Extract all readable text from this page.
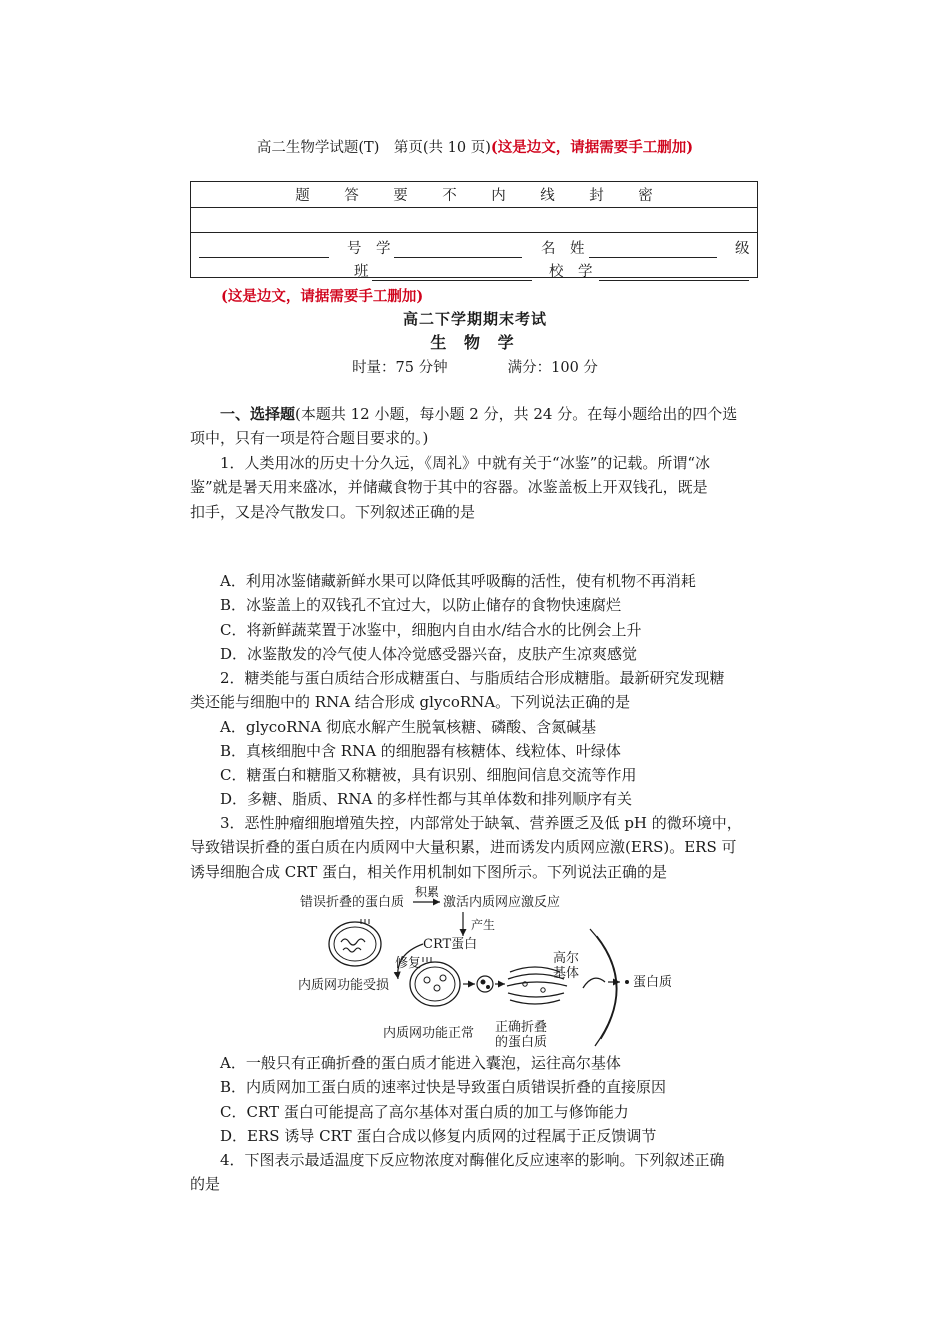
高二生物学试题(T)　第页(共 10 页)(这是边文，请据需要手工删加)
题	答	要	不	内	线	封	密
号　学	名　姓	级
班	校　学
(这是边文，请据需要手工删加)
高二下学期期末考试
生 物 学
时量：75 分钟	满分：100 分
一、选择题(本题共 12 小题，每小题 2 分，共 24 分。在每小题给出的四个选
项中，只有一项是符合题目要求的。)
1．人类用冰的历史十分久远，《周礼》中就有关于“冰鉴”的记载。所谓“冰
鉴”就是暑天用来盛冰，并储藏食物于其中的容器。冰鉴盖板上开双钱孔，既是
扣手，又是冷气散发口。下列叙述正确的是
A．利用冰鉴储藏新鲜水果可以降低其呼吸酶的活性，使有机物不再消耗
B．冰鉴盖上的双钱孔不宜过大，以防止储存的食物快速腐烂
C．将新鲜蔬菜置于冰鉴中，细胞内自由水/结合水的比例会上升
D．冰鉴散发的冷气使人体冷觉感受器兴奋，皮肤产生凉爽感觉
2．糖类能与蛋白质结合形成糖蛋白、与脂质结合形成糖脂。最新研究发现糖
类还能与细胞中的 RNA 结合形成 glycoRNA。下列说法正确的是
A．glycoRNA 彻底水解产生脱氧核糖、磷酸、含氮碱基
B．真核细胞中含 RNA 的细胞器有核糖体、线粒体、叶绿体
C．糖蛋白和糖脂又称糖被，具有识别、细胞间信息交流等作用
D．多糖、脂质、RNA 的多样性都与其单体数和排列顺序有关
3．恶性肿瘤细胞增殖失控，内部常处于缺氧、营养匮乏及低 pH 的微环境中，
导致错误折叠的蛋白质在内质网中大量积累，进而诱发内质网应激(ERS)。ERS 可
诱导细胞合成 CRT 蛋白，相关作用机制如下图所示。下列说法正确的是
错误折叠的蛋白质
积累
激活内质网应激反应
产生
CRT蛋白
修复
内质网功能受损
高尔
基体
蛋白质
内质网功能正常 正确折叠
的蛋白质
A．一般只有正确折叠的蛋白质才能进入囊泡，运往高尔基体
B．内质网加工蛋白质的速率过快是导致蛋白质错误折叠的直接原因
C．CRT 蛋白可能提高了高尔基体对蛋白质的加工与修饰能力
D．ERS 诱导 CRT 蛋白合成以修复内质网的过程属于正反馈调节
4．下图表示最适温度下反应物浓度对酶催化反应速率的影响。下列叙述正确
的是
